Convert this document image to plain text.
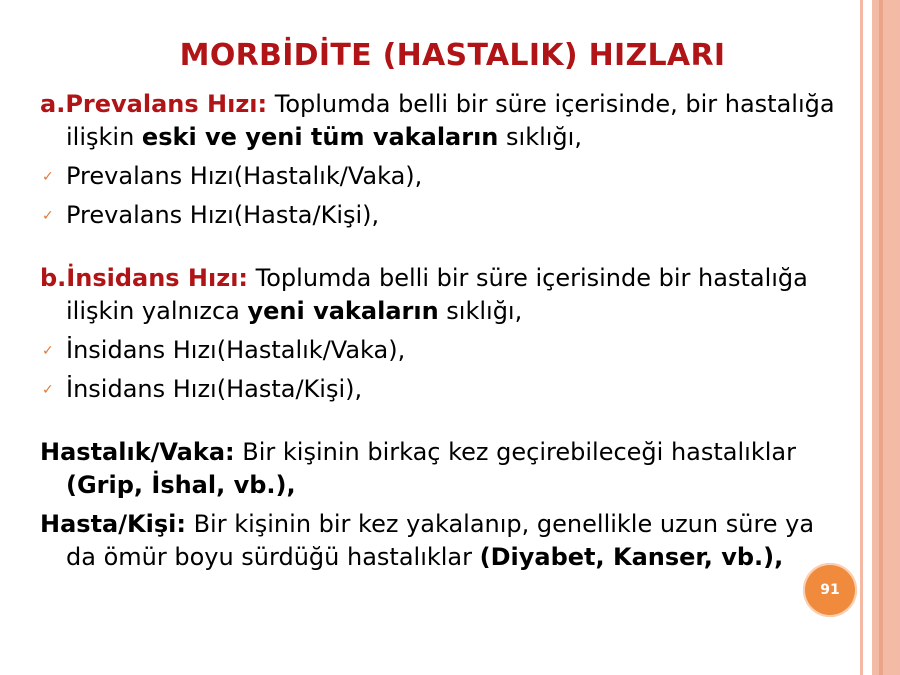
MORBİDİTE (HASTALIK) HIZLARI
a.Prevalans Hızı: Toplumda belli bir süre içerisinde, bir hastalığa ilişkin eski ve yeni tüm vakaların sıklığı,
✓ Prevalans Hızı(Hastalık/Vaka),
✓ Prevalans Hızı(Hasta/Kişi),
b.İnsidans Hızı: Toplumda belli bir süre içerisinde bir hastalığa ilişkin yalnızca yeni vakaların sıklığı,
✓ İnsidans Hızı(Hastalık/Vaka),
✓ İnsidans Hızı(Hasta/Kişi),
Hastalık/Vaka: Bir kişinin birkaç kez geçirebileceği hastalıklar (Grip, İshal, vb.),
Hasta/Kişi: Bir kişinin bir kez yakalanıp, genellikle uzun süre ya da ömür boyu sürdüğü hastalıklar (Diyabet, Kanser, vb.),
91
